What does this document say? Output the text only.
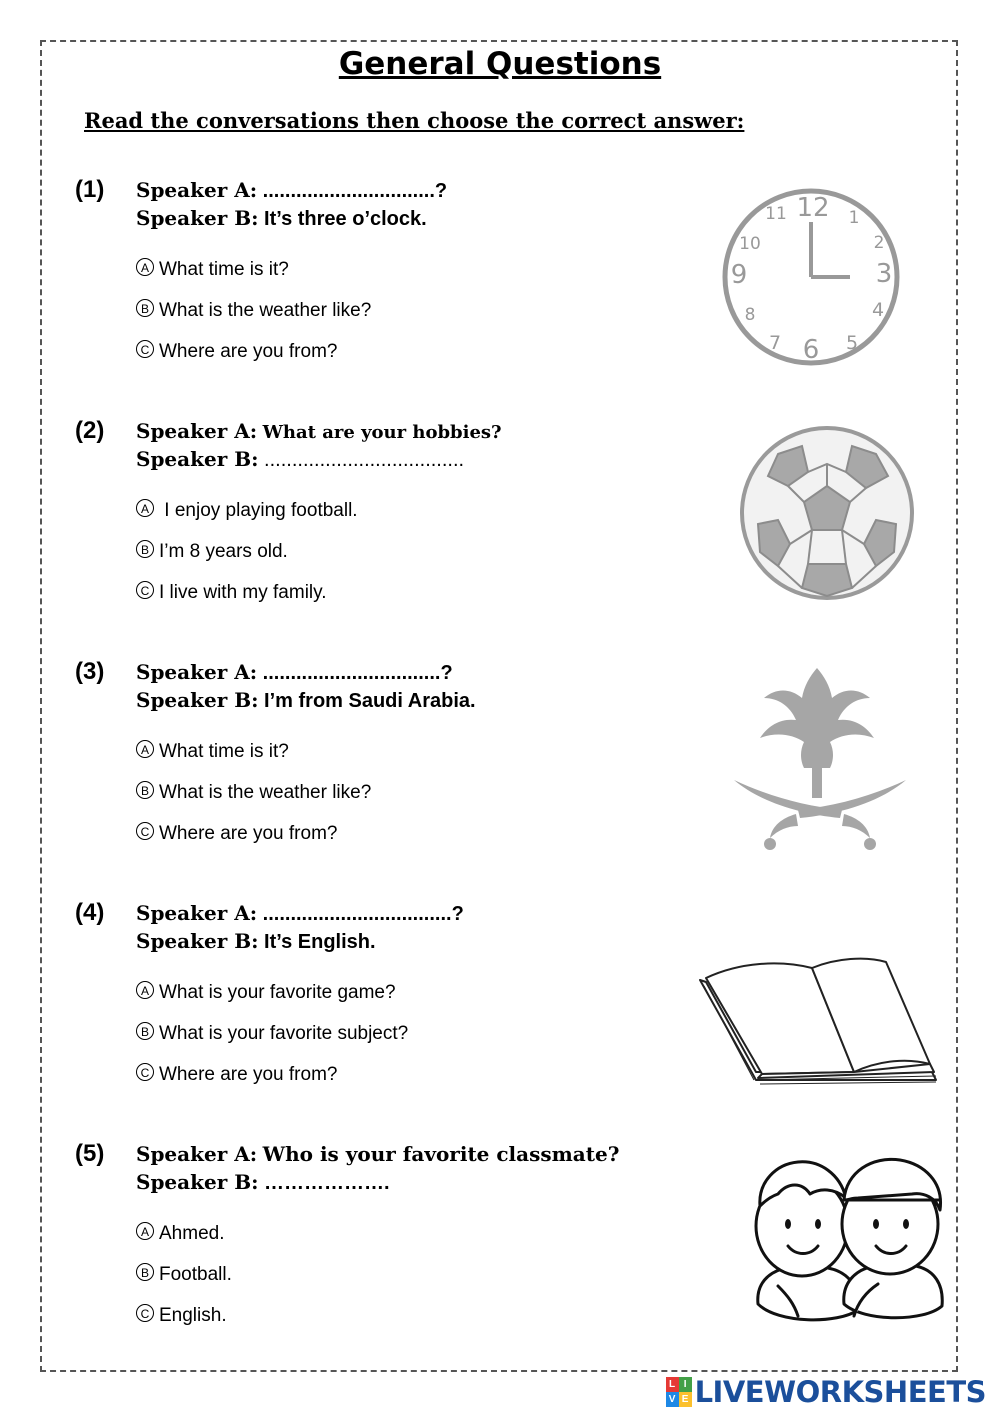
General Questions
Read the conversations then choose the correct answer:
(1) Speaker A: ...............................?
Speaker B: It’s three o’clock.
A What time is it?
B What is the weather like?
C Where are you from?
12 1
2
3
4
5
6
7
8
9
10
11
(2) Speaker A: What are your hobbies?
Speaker B: ....................................
A I enjoy playing football.
B I’m 8 years old.
C I live with my family.
(3) Speaker A: ................................?
Speaker B: I’m from Saudi Arabia.
A What time is it?
B What is the weather like?
C Where are you from?
(4) Speaker A: ..................................?
Speaker B: It’s English.
A What is your favorite game?
B What is your favorite subject?
C Where are you from?
(5) Speaker A: Who is your favorite classmate?
Speaker B: ……………….
A Ahmed.
B Football.
C English.
L I
V E LIVEWORKSHEETS
